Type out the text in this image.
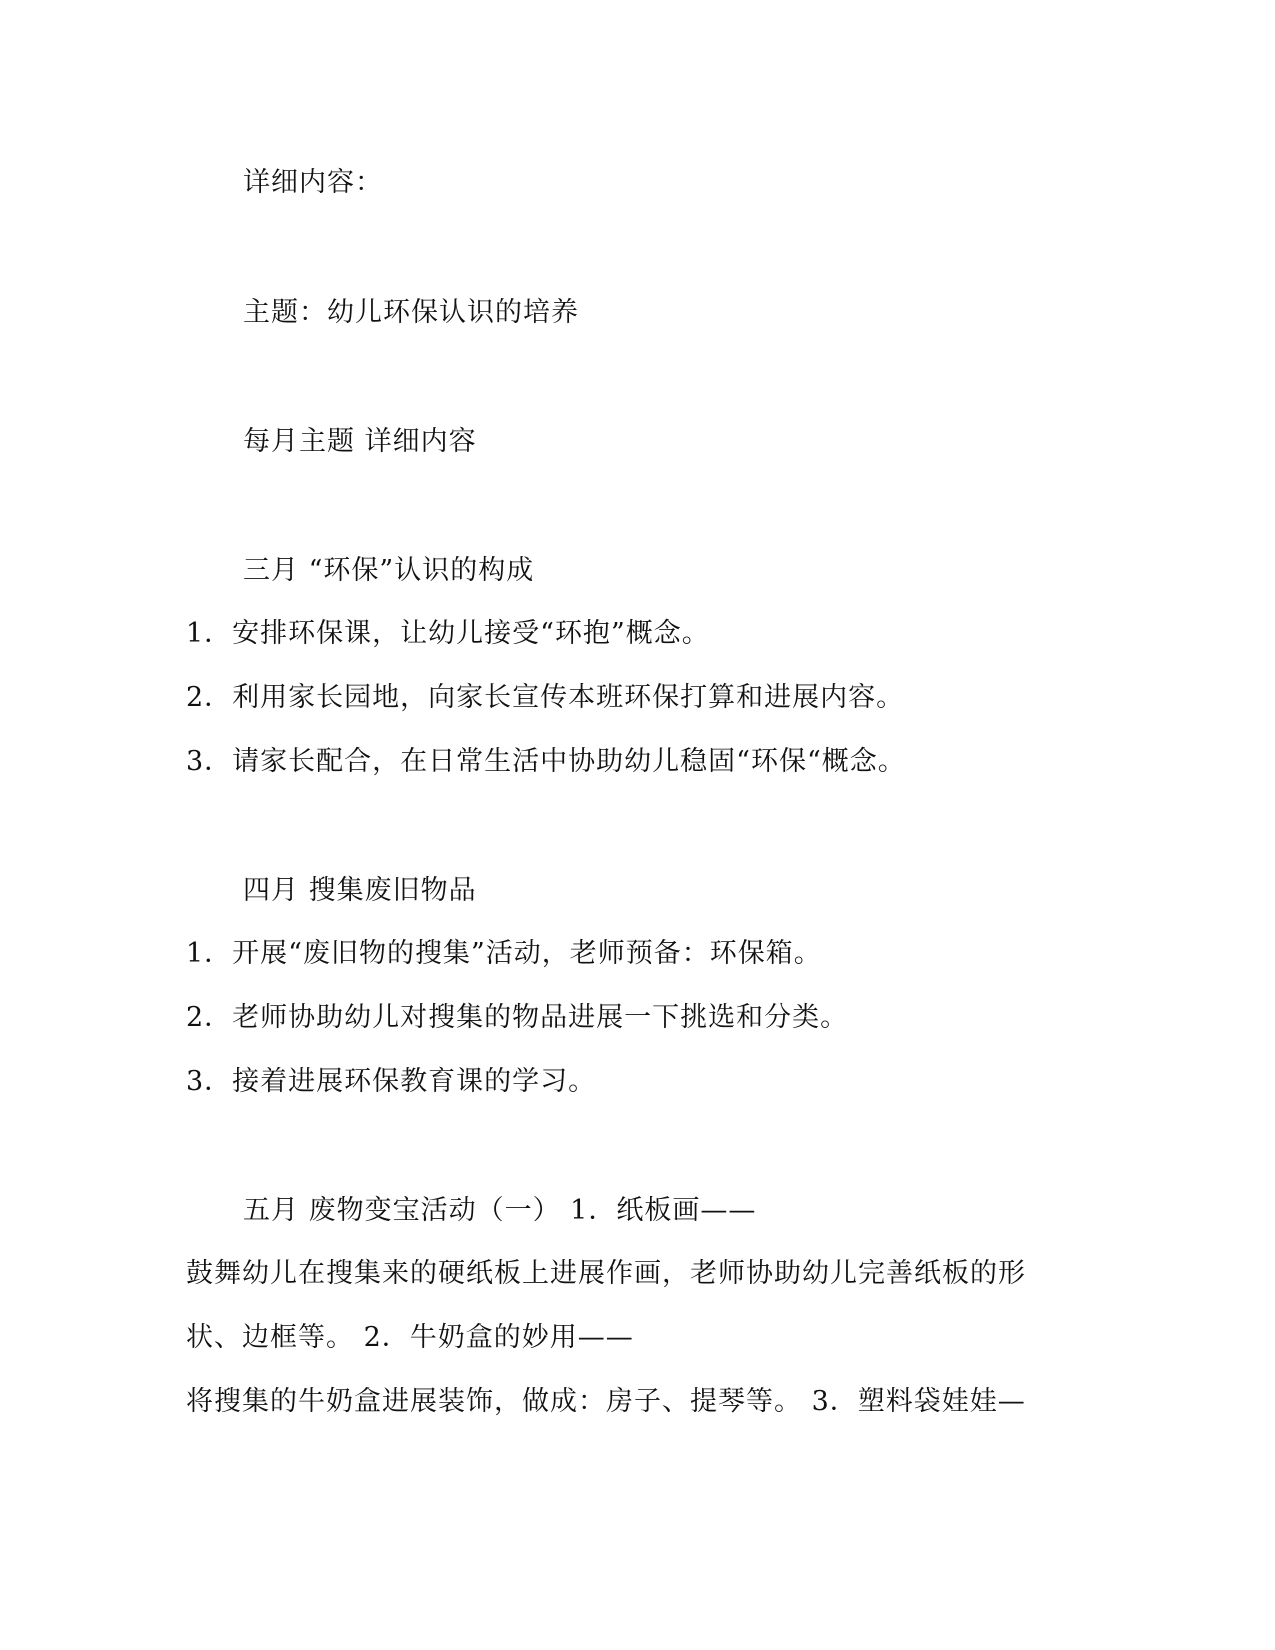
详细内容：
主题：幼儿环保认识的培养
每月主题 详细内容
三月 “环保”认识的构成
1．安排环保课，让幼儿接受“环抱”概念。
2．利用家长园地，向家长宣传本班环保打算和进展内容。
3．请家长配合，在日常生活中协助幼儿稳固“环保“概念。
四月 搜集废旧物品
1．开展“废旧物的搜集”活动，老师预备：环保箱。
2．老师协助幼儿对搜集的物品进展一下挑选和分类。
3．接着进展环保教育课的学习。
五月 废物变宝活动（一） 1．纸板画——
鼓舞幼儿在搜集来的硬纸板上进展作画，老师协助幼儿完善纸板的形
状、边框等。 2．牛奶盒的妙用——
将搜集的牛奶盒进展装饰，做成：房子、提琴等。 3．塑料袋娃娃—
